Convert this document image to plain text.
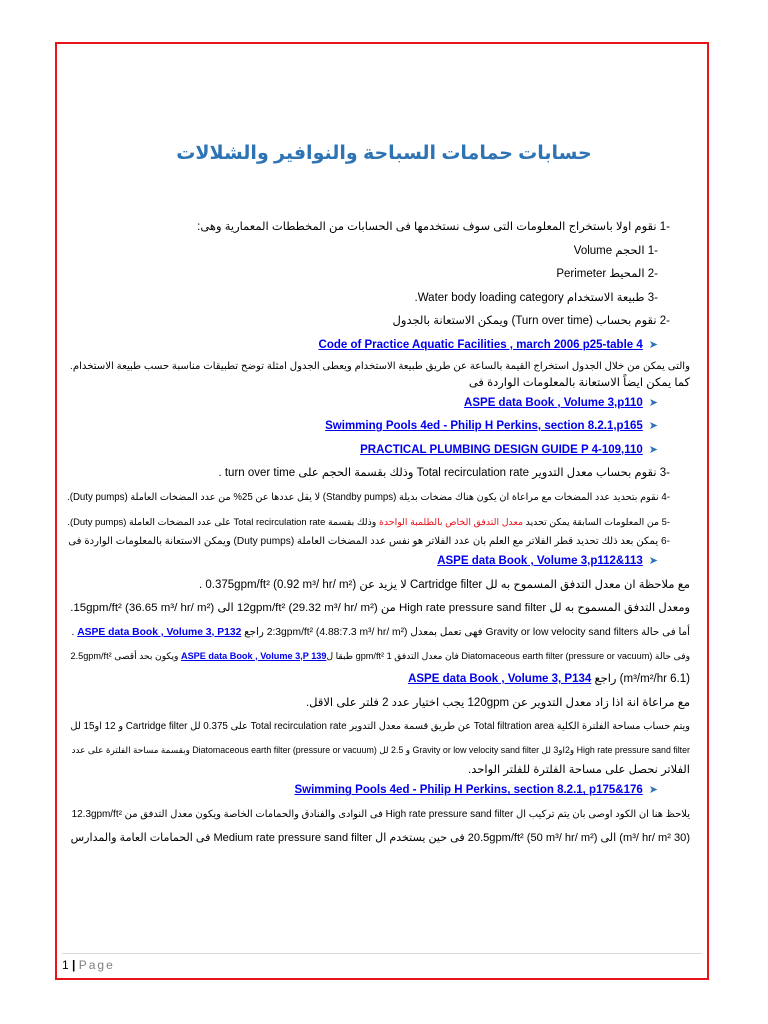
حسابات حمامات السباحة والنوافير والشلالات
-1 نقوم اولا باستخراج المعلومات التى سوف نستخدمها فى الحسابات من المخططات المعمارية وهى:
-1 الحجم Volume
-2 المحيط Perimeter
-3 طبيعة الاستخدام Water body loading category.
-2 نقوم بحساب (Turn over time) ويمكن الاستعانة بالجدول
➤Code of Practice Aquatic Facilities , march 2006 p25-table 4
والتى يمكن من خلال الجدول استخراج القيمة بالساعة عن طريق طبيعة الاستخدام ويعطى الجدول امثلة توضح تطبيقات مناسبة حسب طبيعة الاستخدام.
كما يمكن ايضاً الاستعانة بالمعلومات الواردة فى
➤ASPE data Book , Volume 3,p110
➤Swimming Pools 4ed - Philip H Perkins, section 8.2.1,p165
➤PRACTICAL PLUMBING DESIGN GUIDE P 4-109,110
-3 نقوم بحساب معدل التدوير Total recirculation rate وذلك بقسمة الحجم على turn over time .
-4 نقوم بتحديد عدد المضخات مع مراعاة ان يكون هناك مضخات بديلة (Standby pumps) لا يقل عددها عن 25% من عدد المضخات العاملة (Duty pumps).
-5 من المعلومات السابقة يمكن تحديد معدل التدفق الخاص بالطلمبة الواحدة وذلك بقسمة Total recirculation rate على عدد المضخات العاملة (Duty pumps).
-6 يمكن بعد ذلك تحديد قطر الفلاتر مع العلم بان عدد الفلاتر هو نفس عدد المضخات العاملة (Duty pumps) ويمكن الاستعانة بالمعلومات الواردة فى
➤ASPE data Book , Volume 3,p112&113
مع ملاحظة ان معدل التدفق المسموح به لل Cartridge filter لا يزيد عن 0.375gpm/ft² (0.92 m³/ hr/ m²) .
ومعدل التدفق المسموح به لل High rate pressure sand filter من 12gpm/ft² (29.32 m³/ hr/ m²) الى 15gpm/ft² (36.65 m³/ hr/ m²).
أما فى حالة Gravity or low velocity sand filters فهى تعمل بمعدل 2:3gpm/ft² (4.88:7.3 m³/ hr/ m²) راجع ASPE data Book , Volume 3, P132 .
وفى حالة Diatomaceous earth filter (pressure or vacuum) فان معدل التدفق 1 gpm/ft² طبقا لASPE data Book , Volume 3,P 139 ويكون بحد أقصى 2.5gpm/ft²
(6.1 m³/m²/hr) راجع ASPE data Book , Volume 3, P134
مع مراعاة انة اذا زاد معدل التدوير عن 120gpm يجب اختيار عدد 2 فلتر على الاقل.
ويتم حساب مساحة الفلترة الكلية Total filtration area عن طريق قسمة معدل التدوير Total recirculation rate على 0.375 لل Cartridge filter و 12 او15 لل
High rate pressure sand filter و2او3 لل Gravity or low velocity sand filter و 2.5 لل Diatomaceous earth filter (pressure or vacuum) وبقسمة مساحة الفلترة على عدد
الفلاتر نحصل على مساحة الفلترة للفلتر الواحد.
➤Swimming Pools 4ed - Philip H Perkins, section 8.2.1, p175&176
يلاحظ هنا ان الكود اوصى بان يتم تركيب ال High rate pressure sand filter فى النوادى والفنادق والحمامات الخاصة ويكون معدل التدفق من 12.3gpm/ft²
(30 m³/ hr/ m²) الى 20.5gpm/ft² (50 m³/ hr/ m²) فى حين يستخدم ال Medium rate pressure sand filter فى الحمامات العامة والمدارس
1 | Page
